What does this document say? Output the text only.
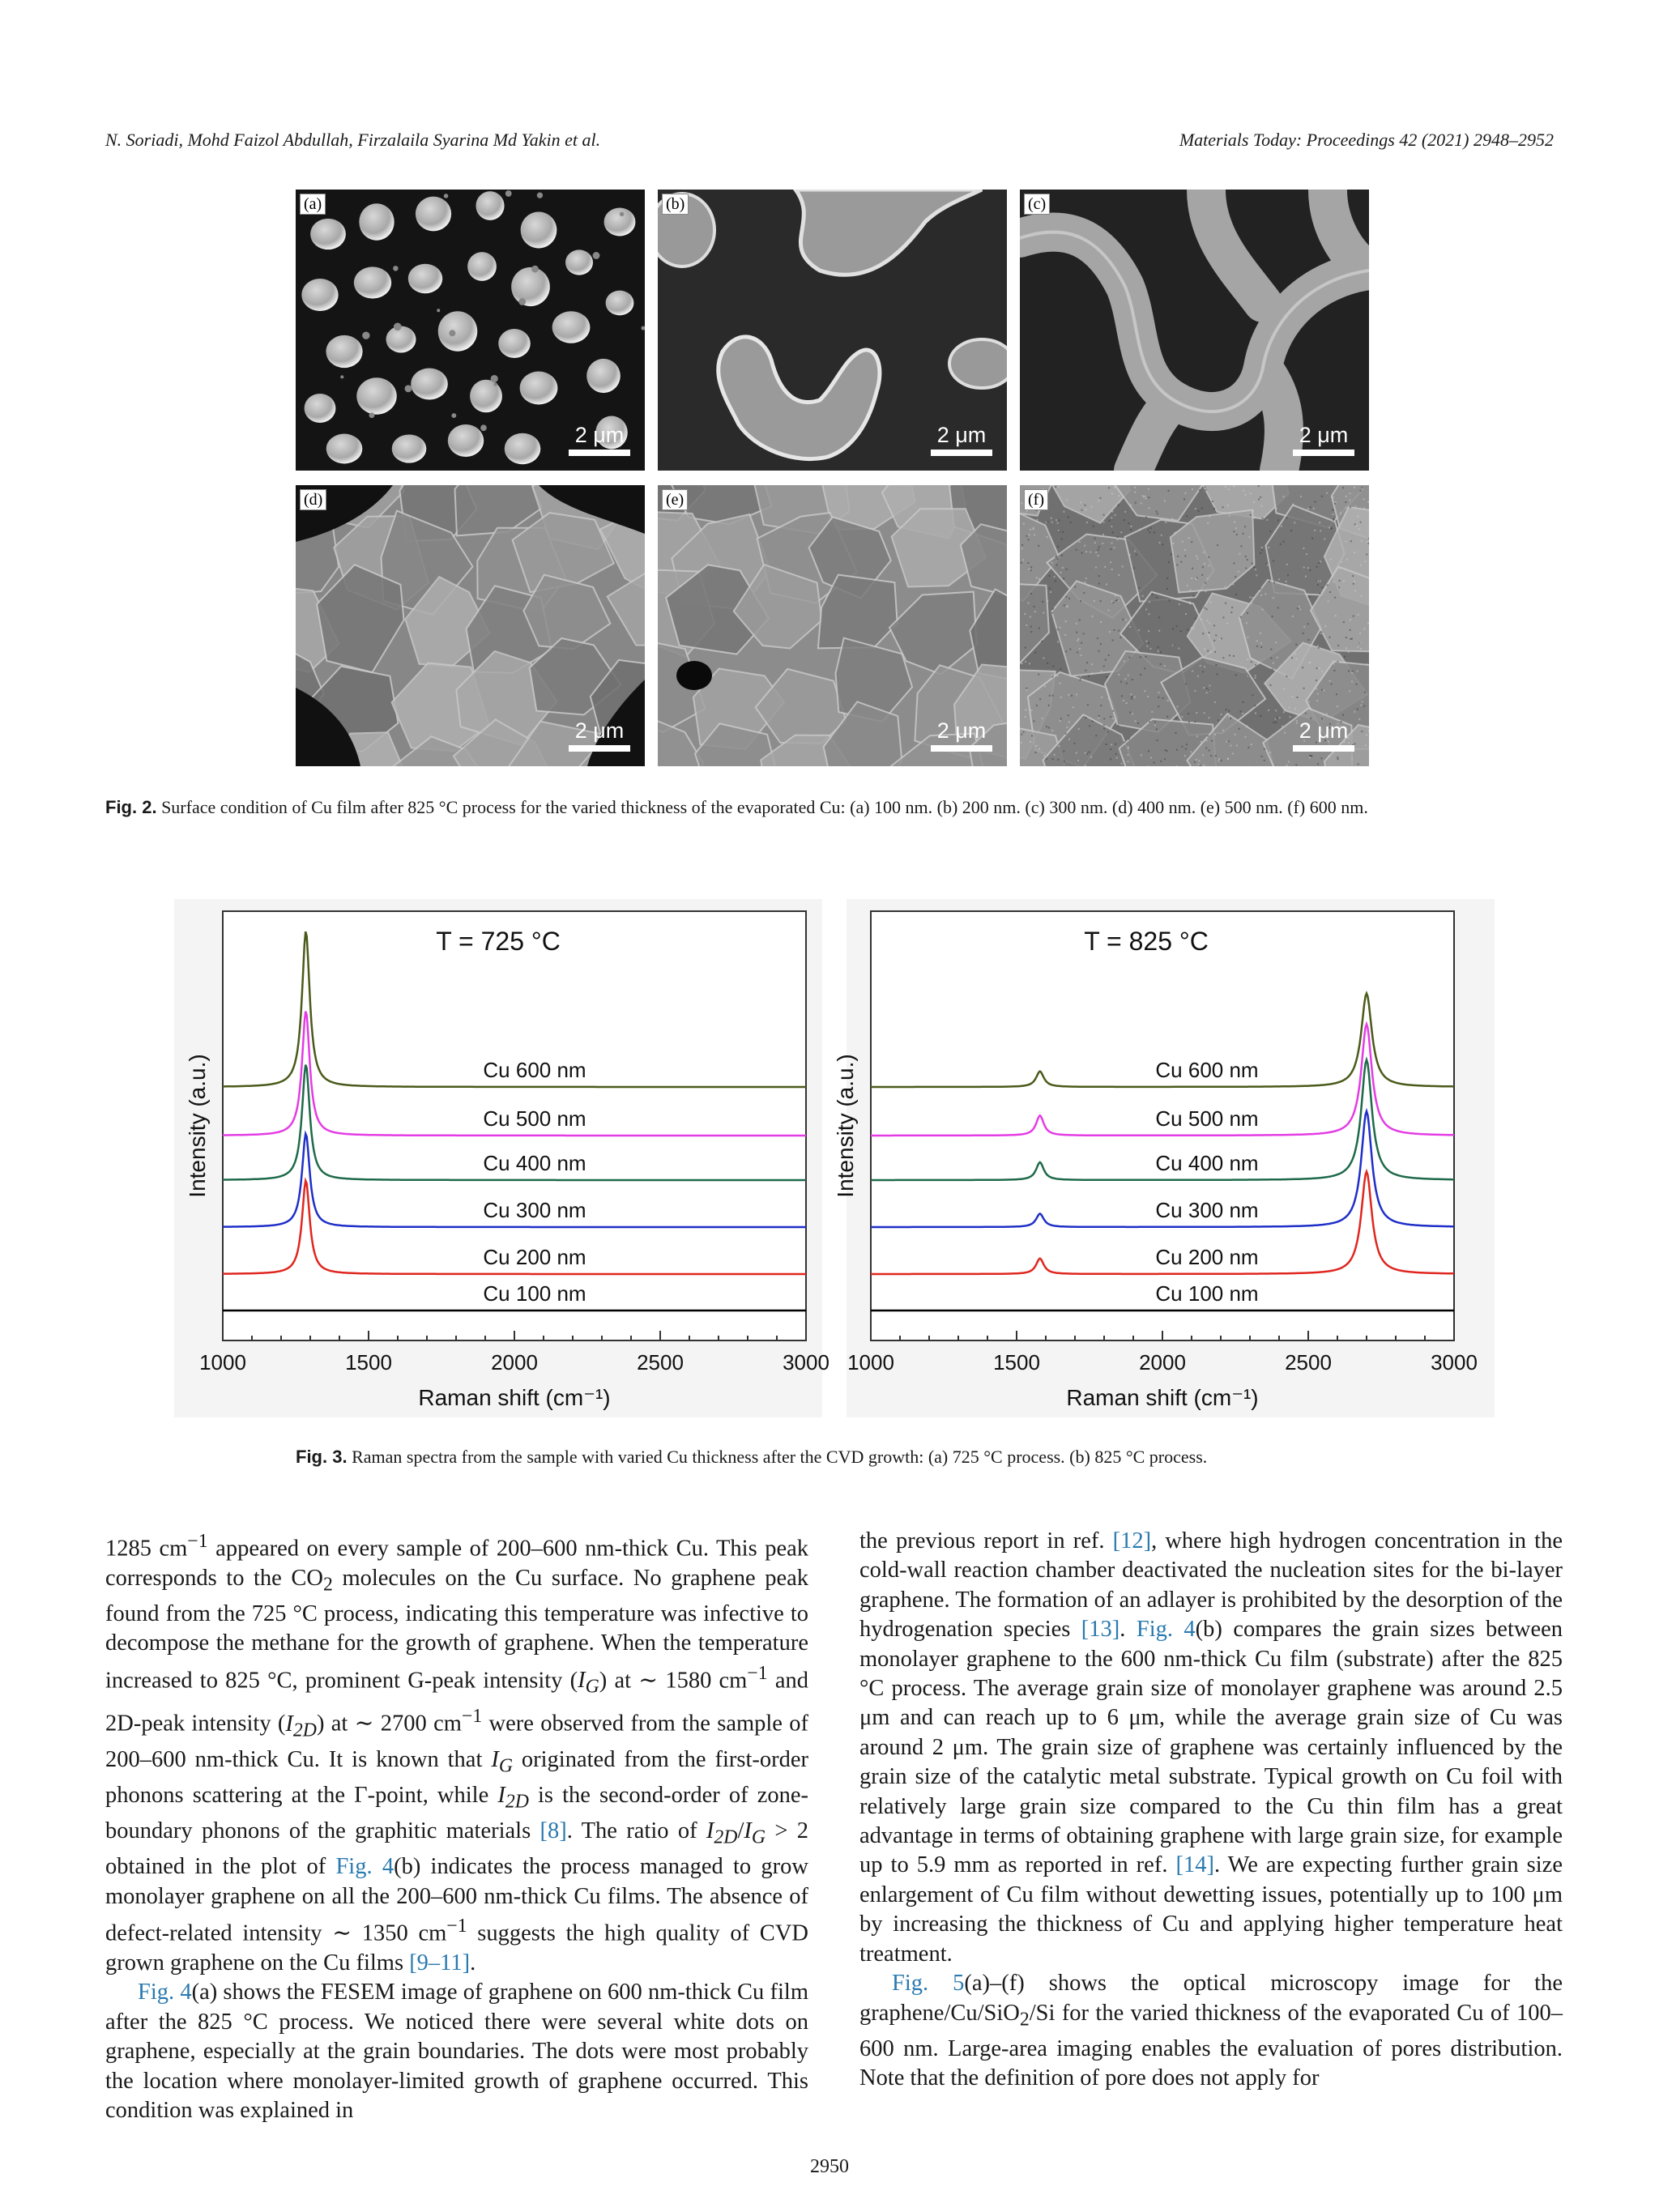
N. Soriadi, Mohd Faizol Abdullah, Firzalaila Syarina Md Yakin et al.	Materials Today: Proceedings 42 (2021) 2948–2952
(a)
2 μm
(b)
2 μm
(c)
2 μm
(d)
2 μm
(e)
2 μm
(f)
2 μm
Fig. 2. Surface condition of Cu film after 825 °C process for the varied thickness of the evaporated Cu: (a) 100 nm. (b) 200 nm. (c) 300 nm. (d) 400 nm. (e) 500 nm. (f) 600 nm.
1000	1500	2000	2500	3000
Raman shift (cm⁻¹)
Intensity (a.u.)
T = 725 °C
Cu 100 nm
Cu 200 nm
Cu 300 nm
Cu 400 nm
Cu 500 nm
Cu 600 nm
1000	1500	2000	2500	3000
Raman shift (cm⁻¹)
Intensity (a.u.)
T = 825 °C
Cu 100 nm
Cu 200 nm
Cu 300 nm
Cu 400 nm
Cu 500 nm
Cu 600 nm
Fig. 3. Raman spectra from the sample with varied Cu thickness after the CVD growth: (a) 725 °C process. (b) 825 °C process.

1285 $cm^{-1}$ appeared on every sample of 200–600 nm-thick Cu. This peak corresponds to the $CO_2$ molecules on the Cu surface. No graphene peak found from the 725 °C process, indicating this temperature was infective to decompose the methane for the growth of graphene. When the temperature increased to 825 °C, prominent G-peak intensity $(I_G)$ at ∼ 1580 $cm^{-1}$ and 2D-peak intensity $(I_{2D})$ at ∼ 2700 $cm^{-1}$ were observed from the sample of 200–600 nm-thick Cu. It is known that $I_G$ originated from the first-order phonons scattering at the Γ-point, while $I_{2D}$ is the second-order of zone-boundary phonons of the graphitic materials [8]. The ratio of $I_{2D}/I_G > 2$ obtained in the plot of Fig. 4(b) indicates the process managed to grow monolayer graphene on all the 200–600 nm-thick Cu films. The absence of defect-related intensity ∼ 1350 $cm^{-1}$ suggests the high quality of CVD grown graphene on the Cu films [9–11].

Fig. 4(a) shows the FESEM image of graphene on 600 nm-thick Cu film after the 825 °C process. We noticed there were several white dots on graphene, especially at the grain boundaries. The dots were most probably the location where monolayer-limited growth of graphene occurred. This condition was explained in

the previous report in ref. [12], where high hydrogen concentration in the cold-wall reaction chamber deactivated the nucleation sites for the bi-layer graphene. The formation of an adlayer is prohibited by the desorption of the hydrogenation species [13]. Fig. 4(b) compares the grain sizes between monolayer graphene to the 600 nm-thick Cu film (substrate) after the 825 °C process. The average grain size of monolayer graphene was around 2.5 μm and can reach up to 6 μm, while the average grain size of Cu was around 2 μm. The grain size of graphene was certainly influenced by the grain size of the catalytic metal substrate. Typical growth on Cu foil with relatively large grain size compared to the Cu thin film has a great advantage in terms of obtaining graphene with large grain size, for example up to 5.9 mm as reported in ref. [14]. We are expecting further grain size enlargement of Cu film without dewetting issues, potentially up to 100 μm by increasing the thickness of Cu and applying higher temperature heat treatment.

Fig. 5(a)–(f) shows the optical microscopy image for the graphene/Cu/SiO$_2$/Si for the varied thickness of the evaporated Cu of 100–600 nm. Large-area imaging enables the evaluation of pores distribution. Note that the definition of pore does not apply for

2950
